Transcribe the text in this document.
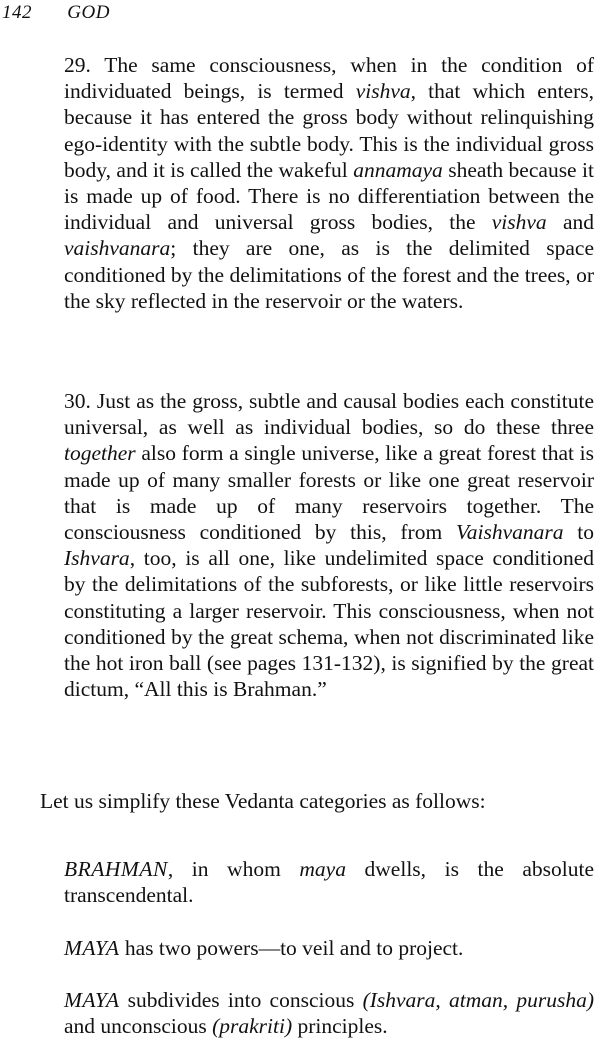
142 GOD

29. The same consciousness, when in the condition of individuated beings, is termed vishva, that which enters, because it has entered the gross body without relinquishing ego-identity with the subtle body. This is the individual gross body, and it is called the wakeful annamaya sheath because it is made up of food. There is no differentiation between the individual and universal gross bodies, the vishva and vaishvanara; they are one, as is the delimited space conditioned by the delimitations of the forest and the trees, or the sky reflected in the reservoir or the waters.

30. Just as the gross, subtle and causal bodies each constitute universal, as well as individual bodies, so do these three together also form a single universe, like a great forest that is made up of many smaller forests or like one great reservoir that is made up of many reservoirs together. The consciousness conditioned by this, from Vaishvanara to Ishvara, too, is all one, like undelimited space conditioned by the delimitations of the subforests, or like little reservoirs constituting a larger reservoir. This consciousness, when not conditioned by the great schema, when not discriminated like the hot iron ball (see pages 131-132), is signified by the great dictum, “All this is Brahman.”

Let us simplify these Vedanta categories as follows:

BRAHMAN, in whom maya dwells, is the absolute transcendental.

MAYA has two powers—to veil and to project.

MAYA subdivides into conscious (Ishvara, atman, purusha) and unconscious (prakriti) principles.
